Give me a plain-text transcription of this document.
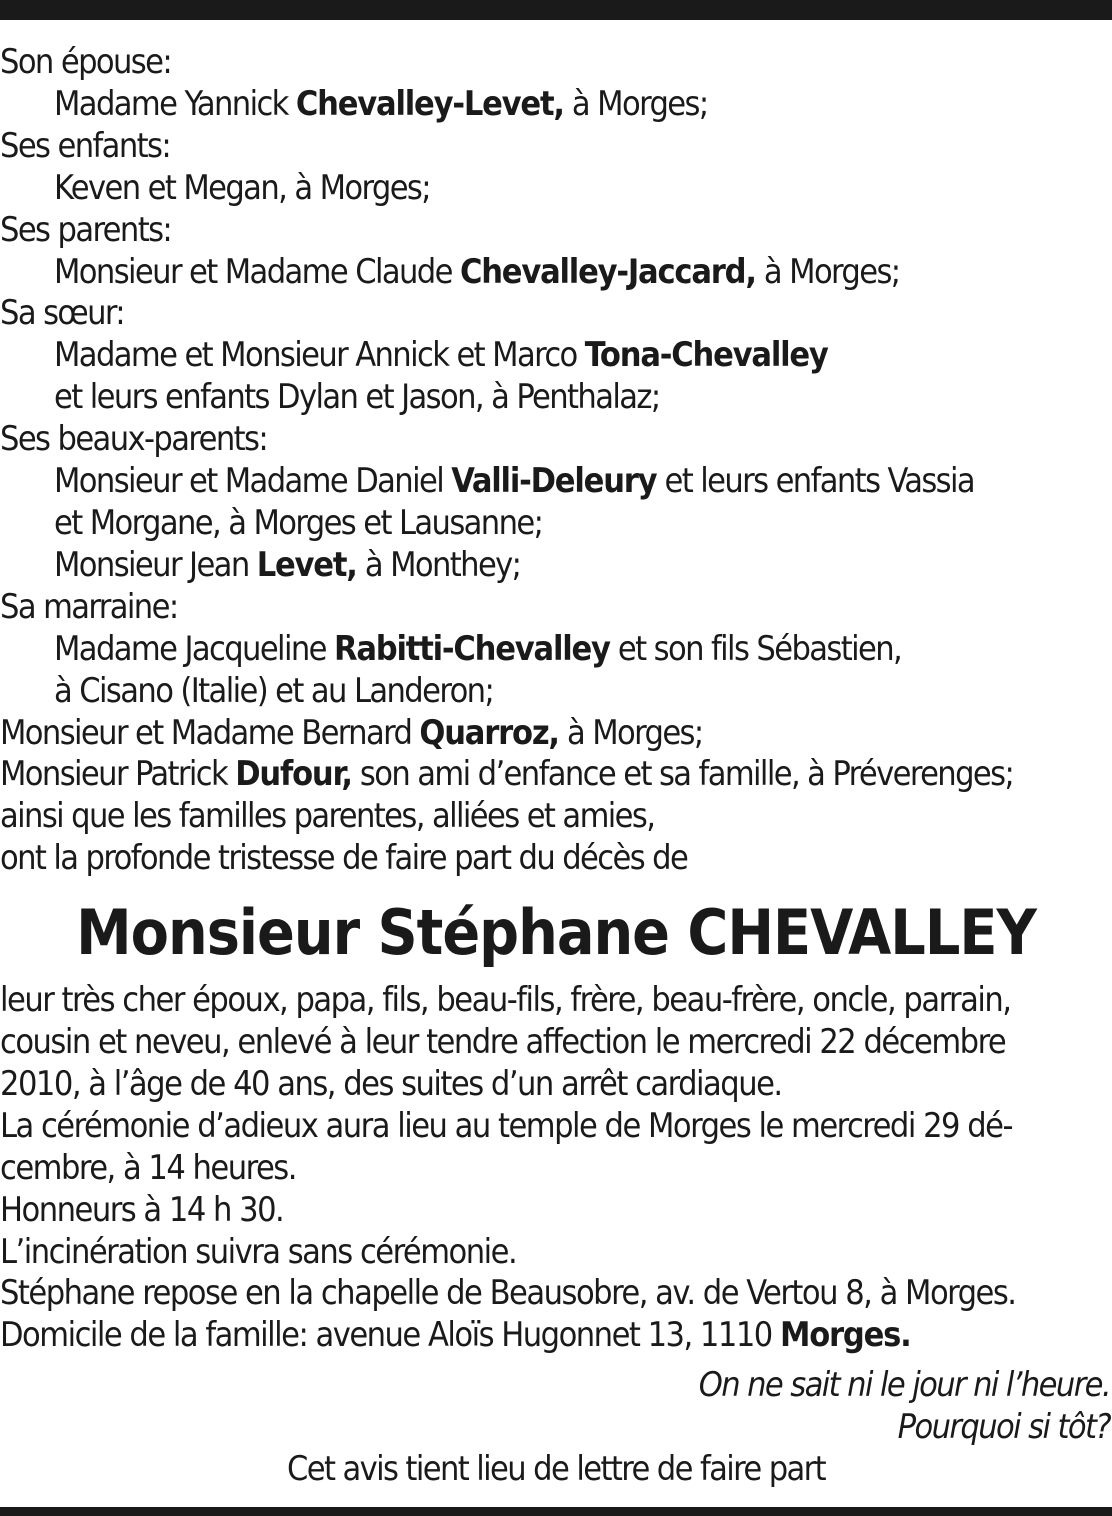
Son épouse:
Madame Yannick Chevalley-Levet, à Morges;
Ses enfants:
Keven et Megan, à Morges;
Ses parents:
Monsieur et Madame Claude Chevalley-Jaccard, à Morges;
Sa sœur:
Madame et Monsieur Annick et Marco Tona-Chevalley
et leurs enfants Dylan et Jason, à Penthalaz;
Ses beaux-parents:
Monsieur et Madame Daniel Valli-Deleury et leurs enfants Vassia
et Morgane, à Morges et Lausanne;
Monsieur Jean Levet, à Monthey;
Sa marraine:
Madame Jacqueline Rabitti-Chevalley et son fils Sébastien,
à Cisano (Italie) et au Landeron;
Monsieur et Madame Bernard Quarroz, à Morges;
Monsieur Patrick Dufour, son ami d’enfance et sa famille, à Préverenges;
ainsi que les familles parentes, alliées et amies,
ont la profonde tristesse de faire part du décès de
Monsieur Stéphane CHEVALLEY
leur très cher époux, papa, fils, beau-fils, frère, beau-frère, oncle, parrain,
cousin et neveu, enlevé à leur tendre affection le mercredi 22 décembre
2010, à l’âge de 40 ans, des suites d’un arrêt cardiaque.
La cérémonie d’adieux aura lieu au temple de Morges le mercredi 29 dé-
cembre, à 14 heures.
Honneurs à 14 h 30.
L’incinération suivra sans cérémonie.
Stéphane repose en la chapelle de Beausobre, av. de Vertou 8, à Morges.
Domicile de la famille: avenue Aloïs Hugonnet 13, 1110 Morges.
On ne sait ni le jour ni l’heure.
Pourquoi si tôt?
Cet avis tient lieu de lettre de faire part
